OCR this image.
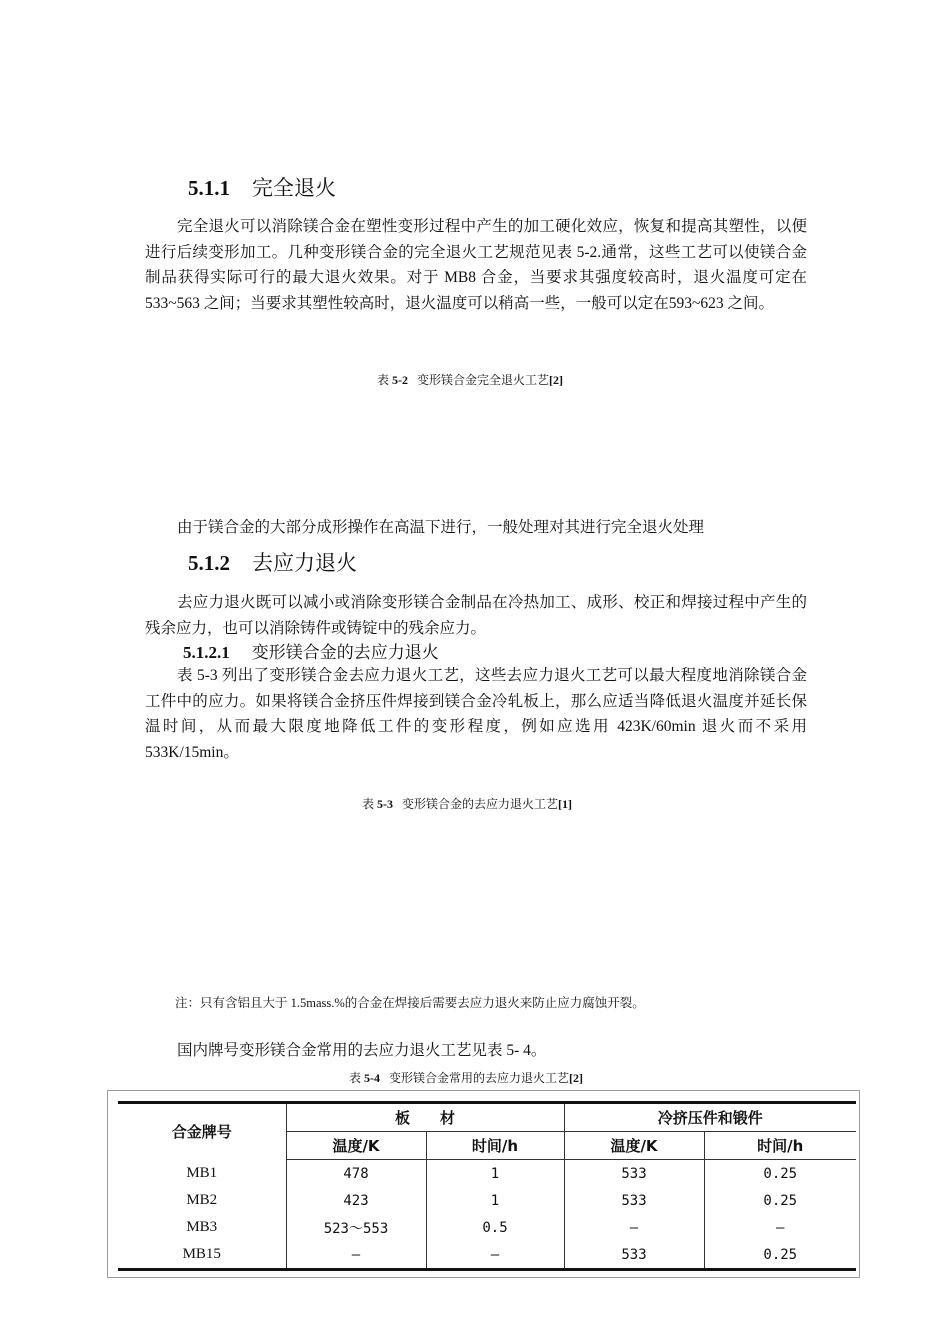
5.1.1 完全退火
完全退火可以消除镁合金在塑性变形过程中产生的加工硬化效应，恢复和提高其塑性，以便进行后续变形加工。几种变形镁合金的完全退火工艺规范见表 5-2.通常，这些工艺可以使镁合金制品获得实际可行的最大退火效果。对于 MB8 合金，当要求其强度较高时，退火温度可定在 533~563 之间；当要求其塑性较高时，退火温度可以稍高一些，一般可以定在593~623 之间。
表 5-2 变形镁合金完全退火工艺[2]
由于镁合金的大部分成形操作在高温下进行，一般处理对其进行完全退火处理
5.1.2 去应力退火
去应力退火既可以减小或消除变形镁合金制品在冷热加工、成形、校正和焊接过程中产生的残余应力，也可以消除铸件或铸锭中的残余应力。
5.1.2.1 变形镁合金的去应力退火
表 5-3 列出了变形镁合金去应力退火工艺，这些去应力退火工艺可以最大程度地消除镁合金工件中的应力。如果将镁合金挤压件焊接到镁合金冷轧板上，那么应适当降低退火温度并延长保温时间，从而最大限度地降低工件的变形程度，例如应选用 423K/60min 退火而不采用 533K/15min。
表 5-3 变形镁合金的去应力退火工艺[1]
注：只有含铝且大于 1.5mass.%的合金在焊接后需要去应力退火来防止应力腐蚀开裂。
国内牌号变形镁合金常用的去应力退火工艺见表 5- 4。
表 5-4 变形镁合金常用的去应力退火工艺[2]
合金牌号	板　　材		冷挤压件和锻件	
	温度/K	时间/h	温度/K	时间/h
MB1	478	1	533	0.25
MB2	423	1	533	0.25
MB3	523～553	0.5	—	—
MB15	—	—	533	0.25
